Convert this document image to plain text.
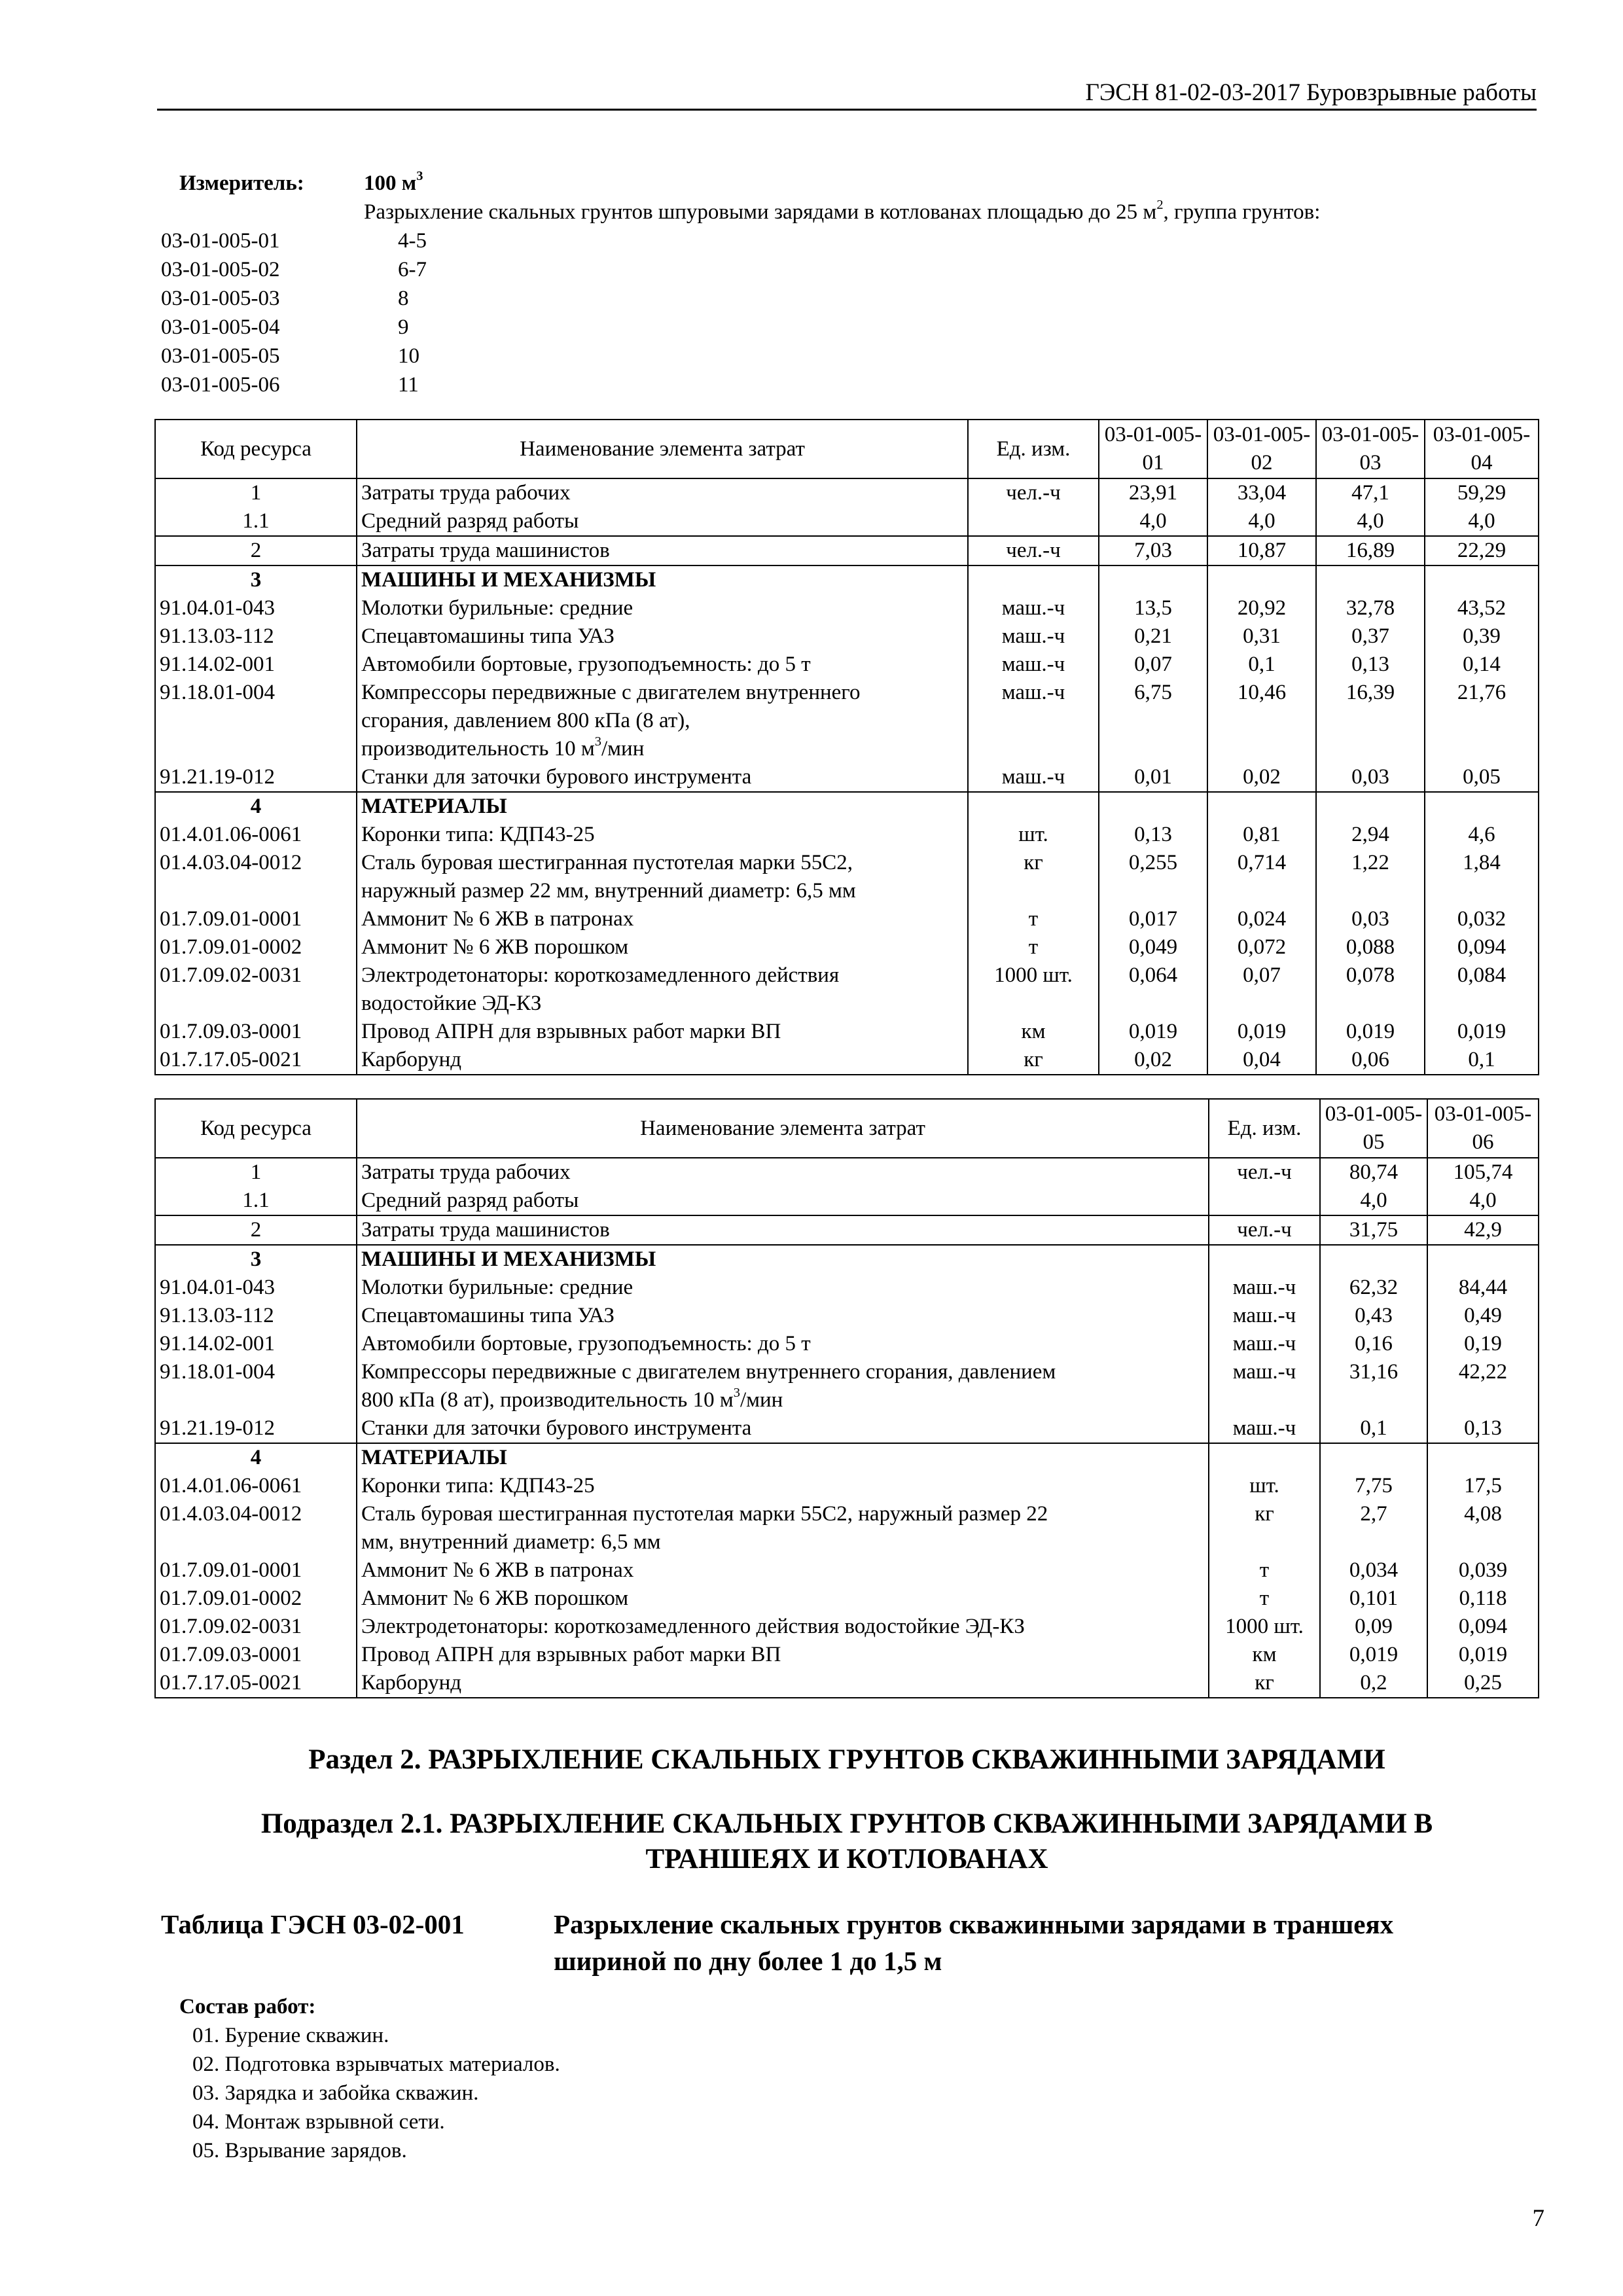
ГЭСН 81-02-03-2017 Буровзрывные работы
Измеритель:	100 $м^3$
Разрыхление скальных грунтов шпуровыми зарядами в котлованах площадью до 25 $м^2$, группа грунтов:
03-01-005-01	4-5
03-01-005-02	6-7
03-01-005-03	8
03-01-005-04	9
03-01-005-05	10
03-01-005-06	11
Код ресурса	Наименование элемента затрат	Ед. изм.	03-01-005-01	03-01-005-02	03-01-005-03	03-01-005-04
1	Затраты труда рабочих	чел.-ч	23,91	33,04	47,1	59,29
1.1	Средний разряд работы		4,0	4,0	4,0	4,0
2	Затраты труда машинистов	чел.-ч	7,03	10,87	16,89	22,29
3	МАШИНЫ И МЕХАНИЗМЫ					
91.04.01-043	Молотки бурильные: средние	маш.-ч	13,5	20,92	32,78	43,52
91.13.03-112	Спецавтомашины типа УАЗ	маш.-ч	0,21	0,31	0,37	0,39
91.14.02-001	Автомобили бортовые, грузоподъемность: до 5 т	маш.-ч	0,07	0,1	0,13	0,14
91.18.01-004	Компрессоры передвижные с двигателем внутреннего	маш.-ч	6,75	10,46	16,39	21,76
	сгорания, давлением 800 кПа (8 ат),					
	производительность 10 $м^3$/мин					
91.21.19-012	Станки для заточки бурового инструмента	маш.-ч	0,01	0,02	0,03	0,05
4	МАТЕРИАЛЫ					
01.4.01.06-0061	Коронки типа: КДП43-25	шт.	0,13	0,81	2,94	4,6
01.4.03.04-0012	Сталь буровая шестигранная пустотелая марки 55С2,	кг	0,255	0,714	1,22	1,84
	наружный размер 22 мм, внутренний диаметр: 6,5 мм					
01.7.09.01-0001	Аммонит № 6 ЖВ в патронах	т	0,017	0,024	0,03	0,032
01.7.09.01-0002	Аммонит № 6 ЖВ порошком	т	0,049	0,072	0,088	0,094
01.7.09.02-0031	Электродетонаторы: короткозамедленного действия	1000 шт.	0,064	0,07	0,078	0,084
	водостойкие ЭД-КЗ					
01.7.09.03-0001	Провод АПРН для взрывных работ марки ВП	км	0,019	0,019	0,019	0,019
01.7.17.05-0021	Карборунд	кг	0,02	0,04	0,06	0,1
Код ресурса	Наименование элемента затрат	Ед. изм.	03-01-005-05	03-01-005-06
1	Затраты труда рабочих	чел.-ч	80,74	105,74
1.1	Средний разряд работы		4,0	4,0
2	Затраты труда машинистов	чел.-ч	31,75	42,9
3	МАШИНЫ И МЕХАНИЗМЫ			
91.04.01-043	Молотки бурильные: средние	маш.-ч	62,32	84,44
91.13.03-112	Спецавтомашины типа УАЗ	маш.-ч	0,43	0,49
91.14.02-001	Автомобили бортовые, грузоподъемность: до 5 т	маш.-ч	0,16	0,19
91.18.01-004	Компрессоры передвижные с двигателем внутреннего сгорания, давлением	маш.-ч	31,16	42,22
	800 кПа (8 ат), производительность 10 $м^3$/мин			
91.21.19-012	Станки для заточки бурового инструмента	маш.-ч	0,1	0,13
4	МАТЕРИАЛЫ			
01.4.01.06-0061	Коронки типа: КДП43-25	шт.	7,75	17,5
01.4.03.04-0012	Сталь буровая шестигранная пустотелая марки 55С2, наружный размер 22	кг	2,7	4,08
	мм, внутренний диаметр: 6,5 мм			
01.7.09.01-0001	Аммонит № 6 ЖВ в патронах	т	0,034	0,039
01.7.09.01-0002	Аммонит № 6 ЖВ порошком	т	0,101	0,118
01.7.09.02-0031	Электродетонаторы: короткозамедленного действия водостойкие ЭД-КЗ	1000 шт.	0,09	0,094
01.7.09.03-0001	Провод АПРН для взрывных работ марки ВП	км	0,019	0,019
01.7.17.05-0021	Карборунд	кг	0,2	0,25
Раздел 2. РАЗРЫХЛЕНИЕ СКАЛЬНЫХ ГРУНТОВ СКВАЖИННЫМИ ЗАРЯДАМИ
Подраздел 2.1. РАЗРЫХЛЕНИЕ СКАЛЬНЫХ ГРУНТОВ СКВАЖИННЫМИ ЗАРЯДАМИ В
ТРАНШЕЯХ И КОТЛОВАНАХ
Таблица ГЭСН 03-02-001	Разрыхление скальных грунтов скважинными зарядами в траншеях
шириной по дну более 1 до 1,5 м
Состав работ:
01. Бурение скважин.
02. Подготовка взрывчатых материалов.
03. Зарядка и забойка скважин.
04. Монтаж взрывной сети.
05. Взрывание зарядов.
7
